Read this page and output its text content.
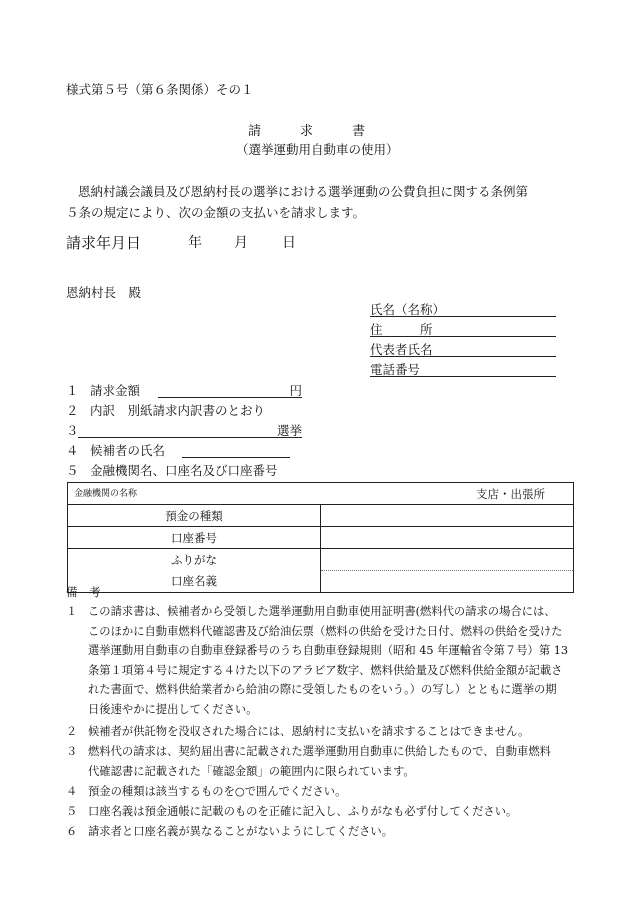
様式第５号（第６条関係）その１
請　　　求　　　書
（選挙運動用自動車の使用）
恩納村議会議員及び恩納村長の選挙における選挙運動の公費負担に関する条例第
５条の規定により、次の金額の支払いを請求します。
請求年月日	年 月 日
恩納村長　殿
氏名（名称）
住　　　所
代表者氏名
電話番号
１ 請求金額	円
２ 内訳　別紙請求内訳書のとおり
３	選挙
４ 候補者の氏名
５ 金融機関名、口座名及び口座番号
金融機関の名称 支店・出張所	

預金の種類	
口座番号	
ふりがな	
口座名義	
備　考
１ この請求書は、候補者から受領した選挙運動用自動車使用証明書(燃料代の請求の場合には、
このほかに自動車燃料代確認書及び給油伝票（燃料の供給を受けた日付、燃料の供給を受けた
選挙運動用自動車の自動車登録番号のうち自動車登録規則（昭和 45 年運輸省令第７号）第 13
条第１項第４号に規定する４けた以下のアラビア数字、燃料供給量及び燃料供給金額が記載さ
れた書面で、燃料供給業者から給油の際に受領したものをいう。）の写し）とともに選挙の期
日後速やかに提出してください。
２ 候補者が供託物を没収された場合には、恩納村に支払いを請求することはできません。
３ 燃料代の請求は、契約届出書に記載された選挙運動用自動車に供給したもので、自動車燃料
代確認書に記載された「確認金額」の範囲内に限られています。
４ 預金の種類は該当するものを○で囲んでください。
５ 口座名義は預金通帳に記載のものを正確に記入し、ふりがなも必ず付してください。
６ 請求者と口座名義が異なることがないようにしてください。
